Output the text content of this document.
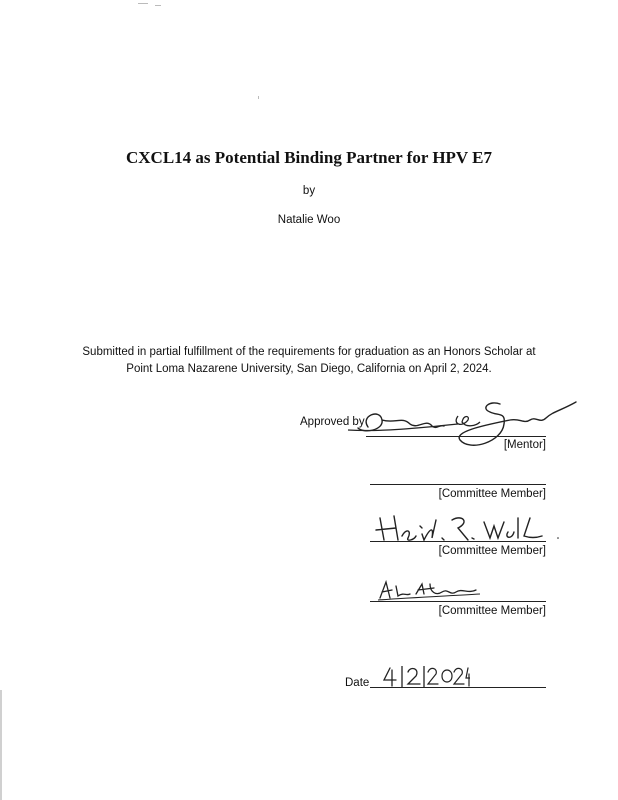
CXCL14 as Potential Binding Partner for HPV E7
by
Natalie Woo
Submitted in partial fulfillment of the requirements for graduation as an Honors Scholar at
Point Loma Nazarene University, San Diego, California on April 2, 2024.
Approved by
[Mentor]
[Committee Member]
[Committee Member]
[Committee Member]
Date
